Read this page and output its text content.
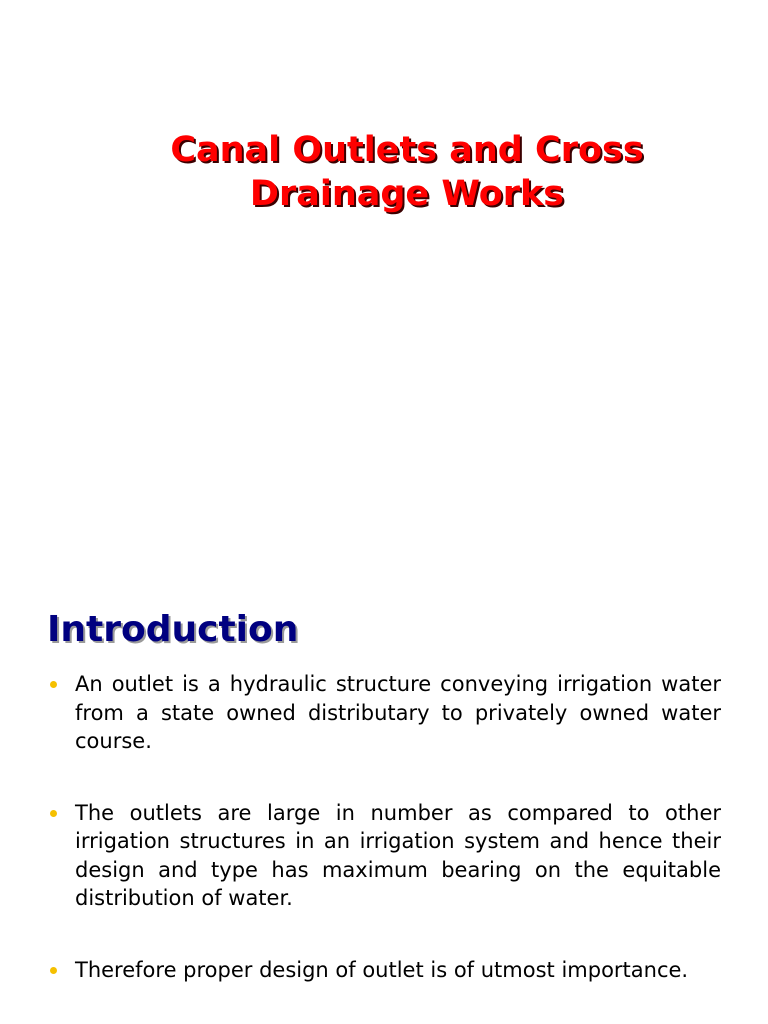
Canal Outlets and Cross
Drainage Works
Introduction
An outlet is a hydraulic structure conveying irrigation water from a state owned distributary to privately owned water course.
The outlets are large in number as compared to other irrigation structures in an irrigation system and hence their design and type has maximum bearing on the equitable distribution of water.
Therefore proper design of outlet is of utmost importance.
